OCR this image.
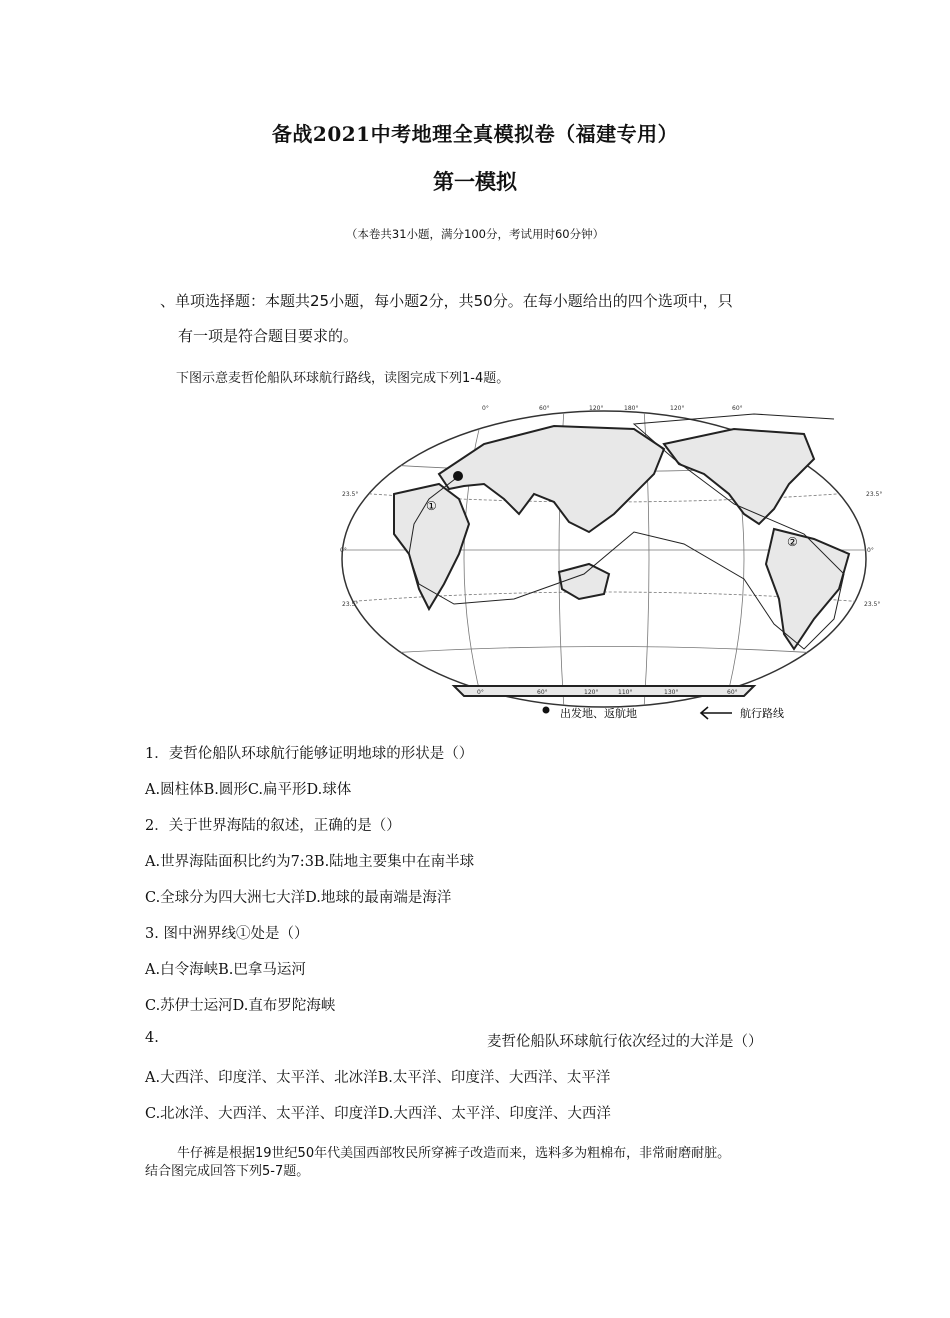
备战2021中考地理全真模拟卷（福建专用）
第一模拟
（本卷共31小题，满分100分，考试用时60分钟）
、单项选择题：本题共25小题，每小题2分，共50分。在每小题给出的四个选项中，只
有一项是符合题目要求的。
下图示意麦哲伦船队环球航行路线，读图完成下列1-4题。
①
②
0°	60°	120°	180°	120°	60°
0°	60°	120°	110°	130°	60°
23.5°
0°
23.5°
23.5°
0°
23.5°
出发地、返航地	航行路线
1．麦哲伦船队环球航行能够证明地球的形状是（）
A.圆柱体B.圆形C.扁平形D.球体
2．关于世界海陆的叙述，正确的是（）
A.世界海陆面积比约为7:3B.陆地主要集中在南半球
C.全球分为四大洲七大洋D.地球的最南端是海洋
3. 图中洲界线①处是（）
A.白令海峡B.巴拿马运河
C.苏伊士运河D.直布罗陀海峡
4.	麦哲伦船队环球航行依次经过的大洋是（）
A.大西洋、印度洋、太平洋、北冰洋B.太平洋、印度洋、大西洋、太平洋
C.北冰洋、大西洋、太平洋、印度洋D.大西洋、太平洋、印度洋、大西洋
牛仔裤是根据19世纪50年代美国西部牧民所穿裤子改造而来，选料多为粗棉布，非常耐磨耐脏。
结合图完成回答下列5-7题。
